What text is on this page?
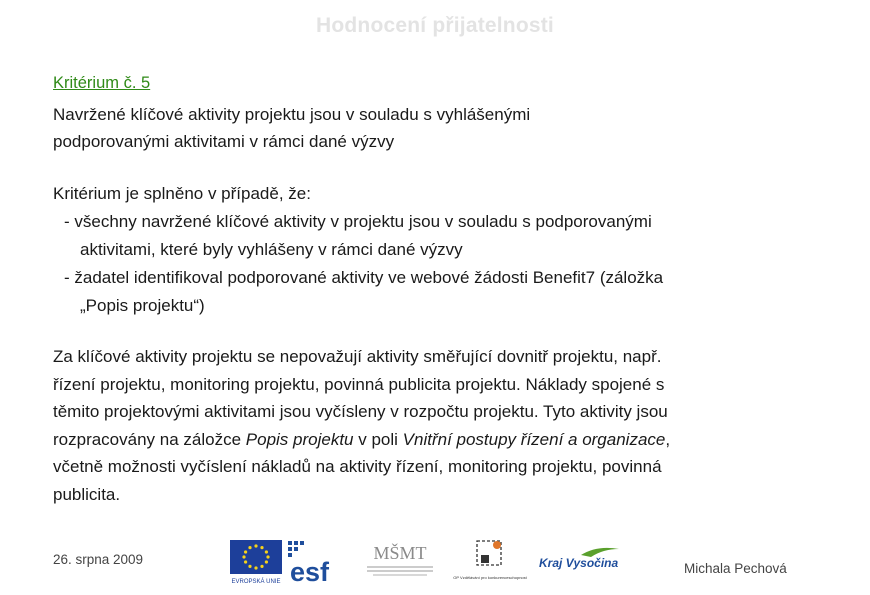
Hodnocení přijatelnosti
Kritérium č. 5
Navržené klíčové aktivity projektu jsou v souladu s vyhlášenými
podporovanými aktivitami v rámci dané výzvy
Kritérium je splněno v případě, že:
- všechny navržené klíčové aktivity v projektu jsou v souladu s podporovanými
aktivitami, které byly vyhlášeny v rámci dané výzvy
- žadatel identifikoval podporované aktivity ve webové žádosti Benefit7 (záložka
„Popis projektu“)
Za klíčové aktivity projektu se nepovažují aktivity směřující dovnitř projektu, např.
řízení projektu, monitoring projektu, povinná publicita projektu. Náklady spojené s
těmito projektovými aktivitami jsou vyčísleny v rozpočtu projektu. Tyto aktivity jsou
rozpracovány na záložce Popis projektu v poli Vnitřní postupy řízení a organizace,
včetně možnosti vyčíslení nákladů na aktivity řízení, monitoring projektu, povinná
publicita.
26. srpna 2009
EVROPSKÁ UNIE esf
MŠMT
OP Vzdělávání pro konkurenceschopnost
Kraj Vysočina	Michala Pechová
